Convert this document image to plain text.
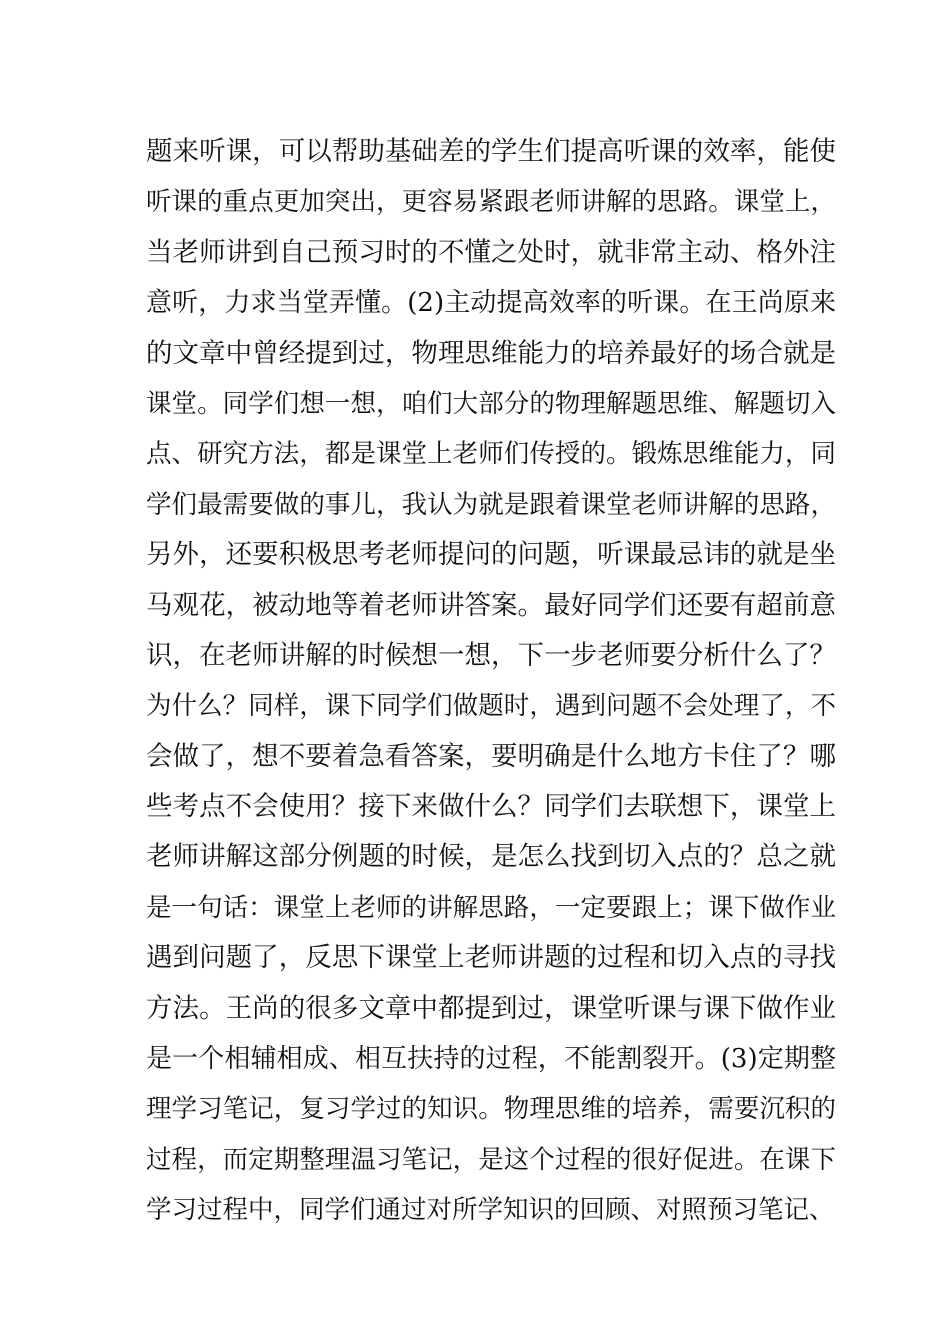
题来听课，可以帮助基础差的学生们提高听课的效率，能使
听课的重点更加突出，更容易紧跟老师讲解的思路。课堂上，
当老师讲到自己预习时的不懂之处时，就非常主动、格外注
意听，力求当堂弄懂。(2)主动提高效率的听课。在王尚原来
的文章中曾经提到过，物理思维能力的培养最好的场合就是
课堂。同学们想一想，咱们大部分的物理解题思维、解题切入
点、研究方法，都是课堂上老师们传授的。锻炼思维能力，同
学们最需要做的事儿，我认为就是跟着课堂老师讲解的思路，
另外，还要积极思考老师提问的问题，听课最忌讳的就是坐
马观花，被动地等着老师讲答案。最好同学们还要有超前意
识，在老师讲解的时候想一想，下一步老师要分析什么了？
为什么？同样，课下同学们做题时，遇到问题不会处理了，不
会做了，想不要着急看答案，要明确是什么地方卡住了？哪
些考点不会使用？接下来做什么？同学们去联想下，课堂上
老师讲解这部分例题的时候，是怎么找到切入点的？总之就
是一句话：课堂上老师的讲解思路，一定要跟上；课下做作业
遇到问题了，反思下课堂上老师讲题的过程和切入点的寻找
方法。王尚的很多文章中都提到过，课堂听课与课下做作业
是一个相辅相成、相互扶持的过程，不能割裂开。(3)定期整
理学习笔记，复习学过的知识。物理思维的培养，需要沉积的
过程，而定期整理温习笔记，是这个过程的很好促进。在课下
学习过程中，同学们通过对所学知识的回顾、对照预习笔记、
